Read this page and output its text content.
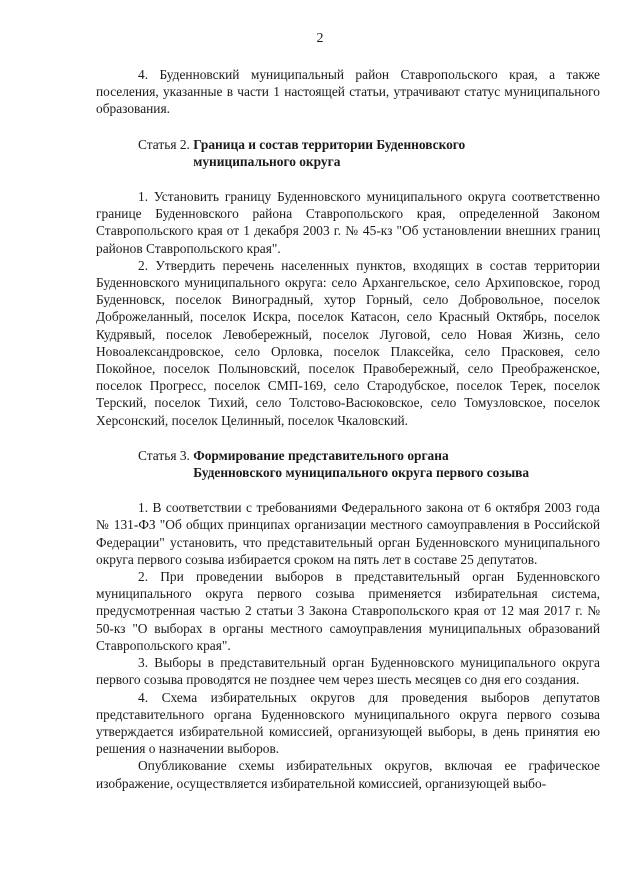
2

4. Буденновский муниципальный район Ставропольского края, а также поселения, указанные в части 1 настоящей статьи, утрачивают статус муниципального образования.

Статья 2. Граница и состав территории Буденновского
муниципального округа

1. Установить границу Буденновского муниципального округа соответственно границе Буденновского района Ставропольского края, определенной Законом Ставропольского края от 1 декабря 2003 г. № 45-кз "Об установлении внешних границ районов Ставропольского края".

2. Утвердить перечень населенных пунктов, входящих в состав территории Буденновского муниципального округа: село Архангельское, село Архиповское, город Буденновск, поселок Виноградный, хутор Горный, село Добровольное, поселок Доброжеланный, поселок Искра, поселок Катасон, село Красный Октябрь, поселок Кудрявый, поселок Левобережный, поселок Луговой, село Новая Жизнь, село Новоалександровское, село Орловка, поселок Плаксейка, село Прасковея, село Покойное, поселок Полыновский, поселок Правобережный, село Преображенское, поселок Прогресс, поселок СМП-169, село Стародубское, поселок Терек, поселок Терский, поселок Тихий, село Толстово-Васюковское, село Томузловское, поселок Херсонский, поселок Целинный, поселок Чкаловский.

Статья 3. Формирование представительного органа
Буденновского муниципального округа первого созыва

1. В соответствии с требованиями Федерального закона от 6 октября 2003 года № 131-ФЗ "Об общих принципах организации местного самоуправления в Российской Федерации" установить, что представительный орган Буденновского муниципального округа первого созыва избирается сроком на пять лет в составе 25 депутатов.

2. При проведении выборов в представительный орган Буденновского муниципального округа первого созыва применяется избирательная система, предусмотренная частью 2 статьи 3 Закона Ставропольского края от 12 мая 2017 г. № 50-кз "О выборах в органы местного самоуправления муниципальных образований Ставропольского края".

3. Выборы в представительный орган Буденновского муниципального округа первого созыва проводятся не позднее чем через шесть месяцев со дня его создания.

4. Схема избирательных округов для проведения выборов депутатов представительного органа Буденновского муниципального округа первого созыва утверждается избирательной комиссией, организующей выборы, в день принятия ею решения о назначении выборов.

Опубликование схемы избирательных округов, включая ее графическое изображение, осуществляется избирательной комиссией, организующей выбо-
